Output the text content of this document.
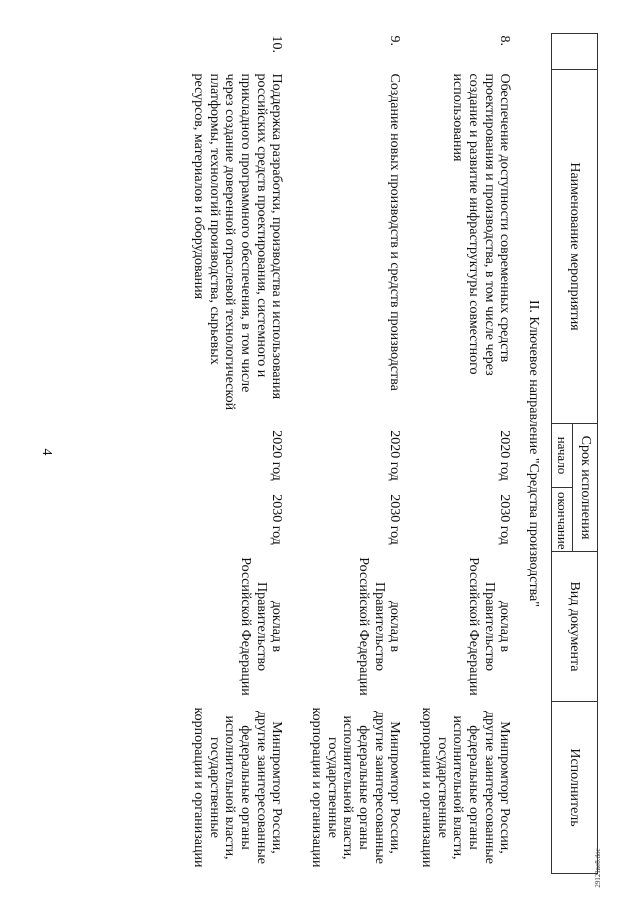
4
	Наименование мероприятия	Срок исполнения		Вид документа	Исполнитель
		начало	окончание		
II. Ключевое направление "Средства производства"					
8.	Обеспечение доступности современных средств проектирования и производства, в том числе через создание и развитие инфраструктуры совместного использования	2020 год	2030 год	доклад в Правительство Российской Федерации	Минпромторг России, другие заинтересованные федеральные органы исполнительной власти, государственные корпорации и организации
9.	Создание новых производств и средств производства	2020 год	2030 год	доклад в Правительство Российской Федерации	Минпромторг России, другие заинтересованные федеральные органы исполнительной власти, государственные корпорации и организации
10.	Поддержка разработки, производства и использования российских средств проектирования, системного и прикладного программного обеспечения, в том числе через создание доверенной отраслевой технологической платформы, технологий производства, сырьевых ресурсов, материалов и оборудования	2020 год	2030 год	доклад в Правительство Российской Федерации	Минпромторг России, другие заинтересованные федеральные органы исполнительной власти, государственные корпорации и организации
29121ве8.doc
